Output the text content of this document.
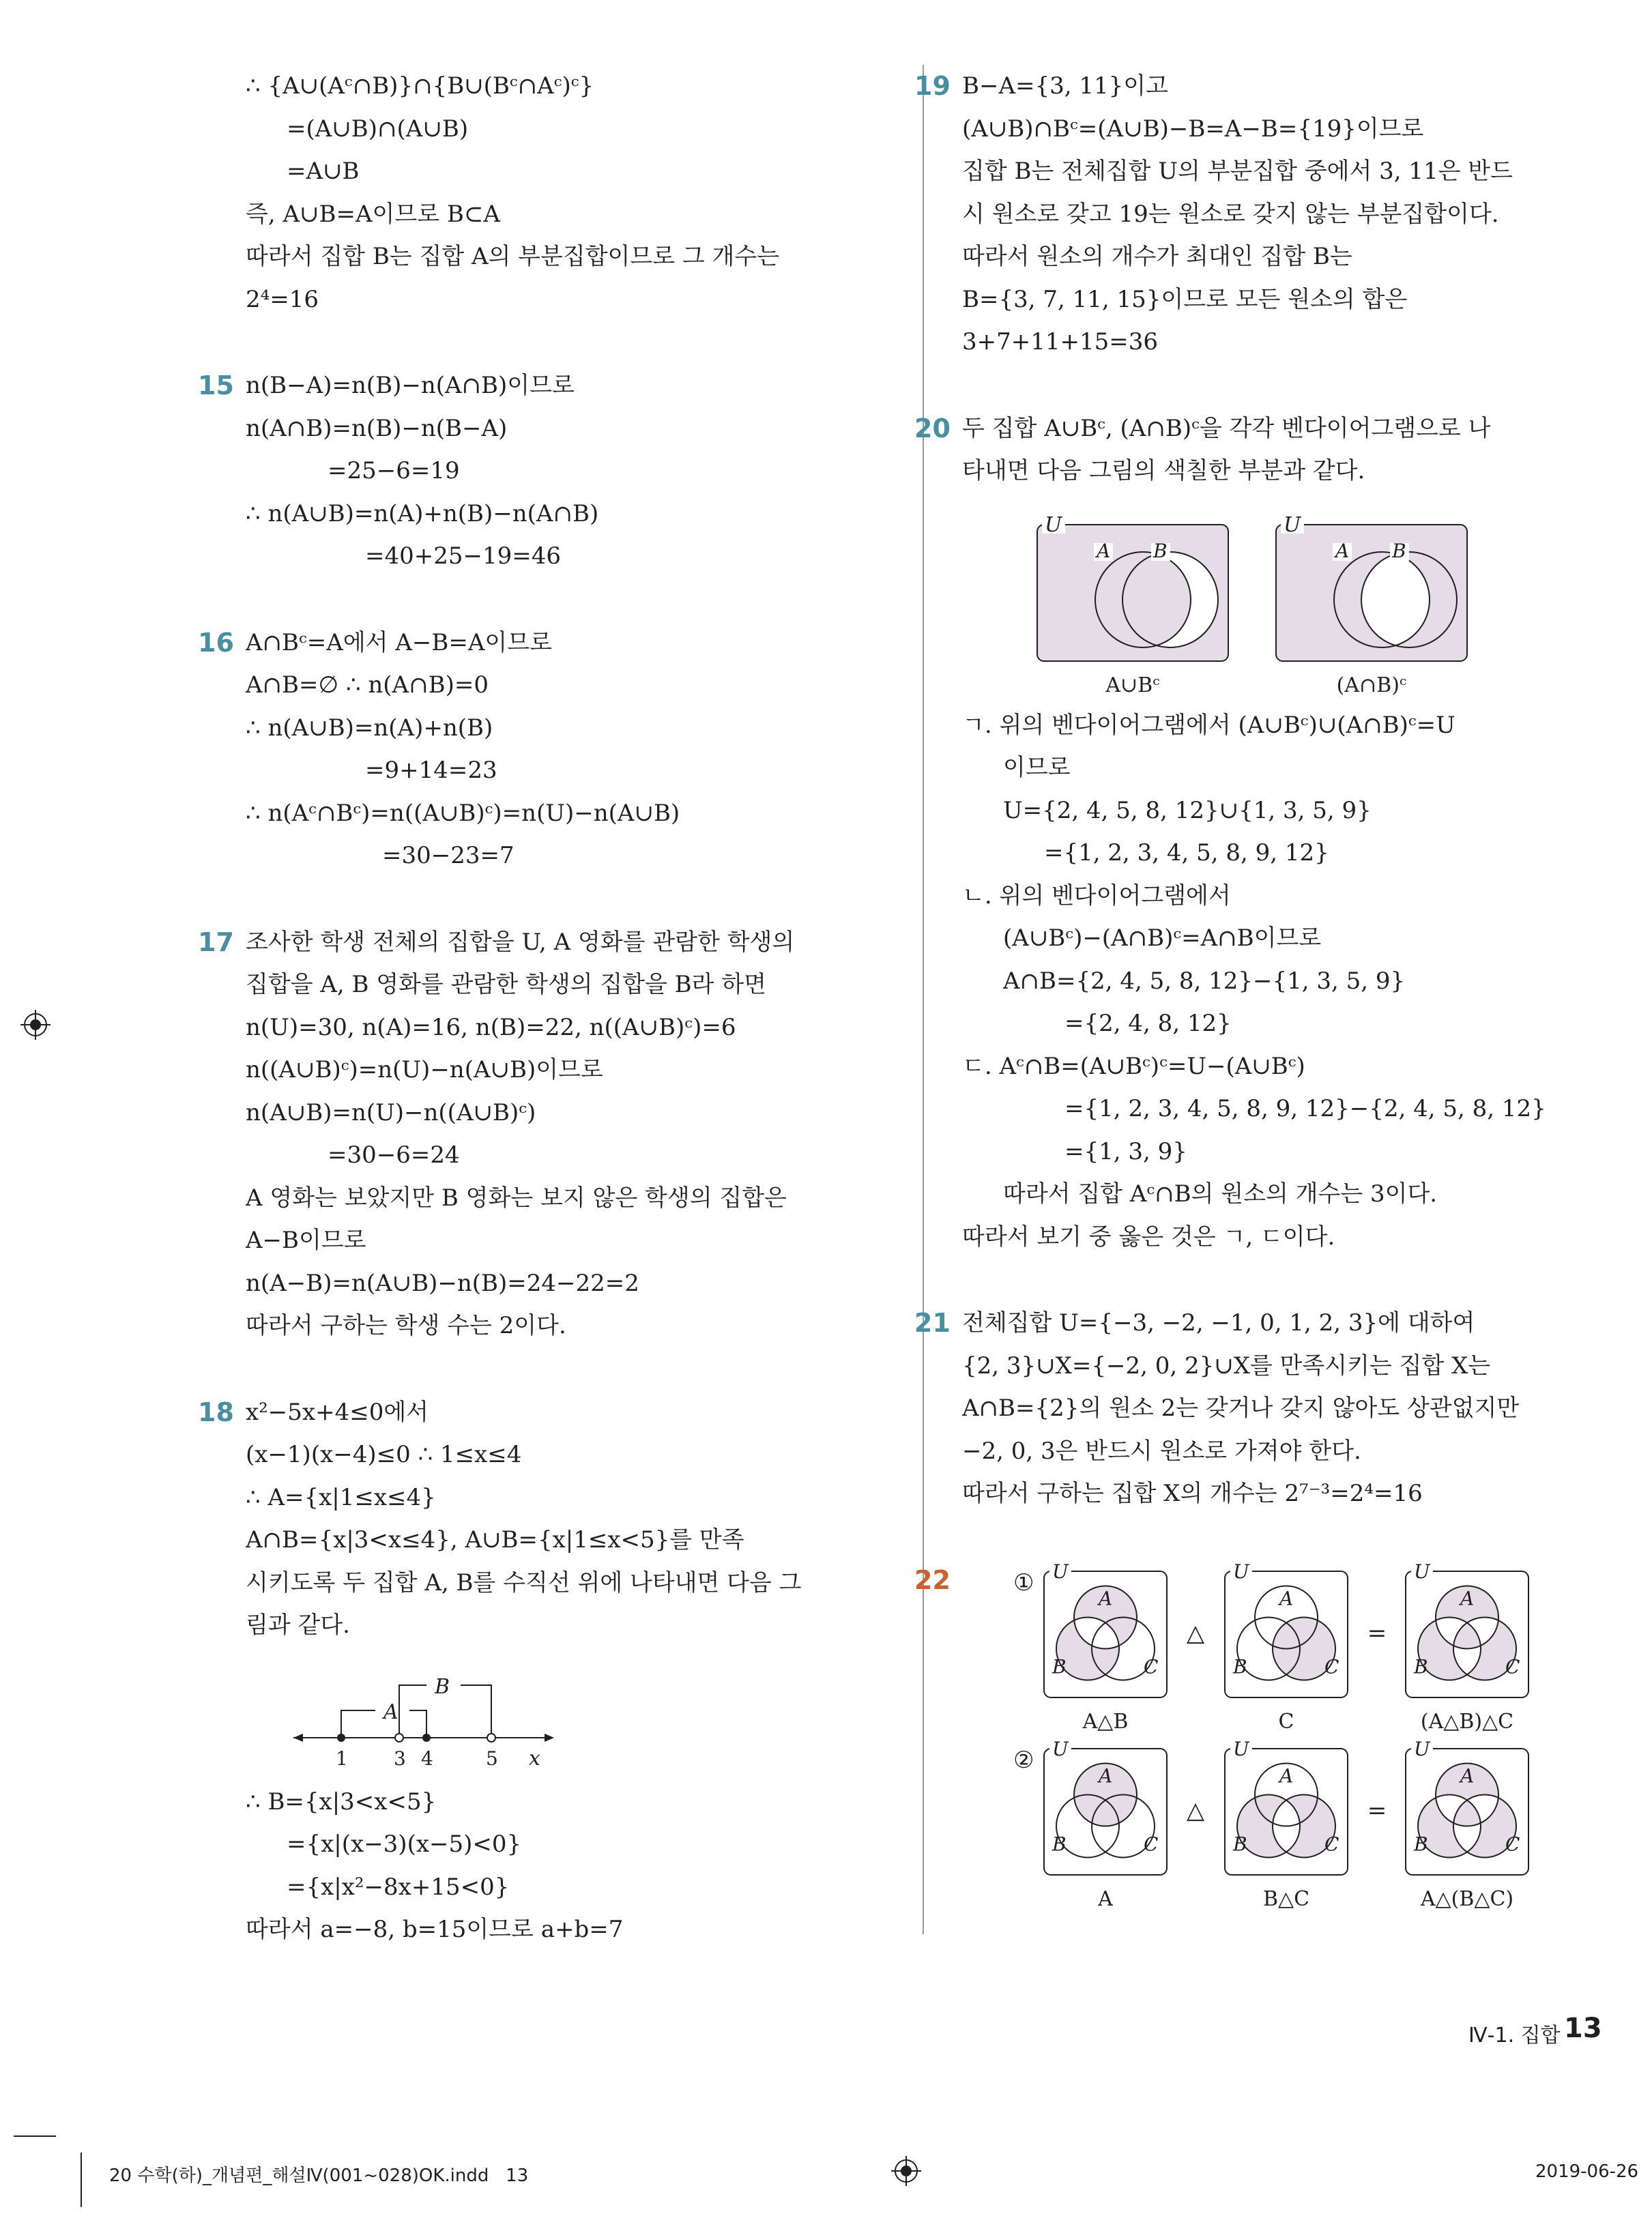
∴ {A∪(Aᶜ∩B)}∩{B∪(Bᶜ∩Aᶜ)ᶜ}
=(A∪B)∩(A∪B)
=A∪B
즉, A∪B=A이므로 B⊂A
따라서 집합 B는 집합 A의 부분집합이므로 그 개수는
2⁴=16
15 n(B−A)=n(B)−n(A∩B)이므로
n(A∩B)=n(B)−n(B−A)
=25−6=19
∴ n(A∪B)=n(A)+n(B)−n(A∩B)
=40+25−19=46
16 A∩Bᶜ=A에서 A−B=A이므로
A∩B=∅ ∴ n(A∩B)=0
∴ n(A∪B)=n(A)+n(B)
=9+14=23
∴ n(Aᶜ∩Bᶜ)=n((A∪B)ᶜ)=n(U)−n(A∪B)
=30−23=7
17 조사한 학생 전체의 집합을 U, A 영화를 관람한 학생의
집합을 A, B 영화를 관람한 학생의 집합을 B라 하면
n(U)=30, n(A)=16, n(B)=22, n((A∪B)ᶜ)=6
n((A∪B)ᶜ)=n(U)−n(A∪B)이므로
n(A∪B)=n(U)−n((A∪B)ᶜ)
=30−6=24
A 영화는 보았지만 B 영화는 보지 않은 학생의 집합은
A−B이므로
n(A−B)=n(A∪B)−n(B)=24−22=2
따라서 구하는 학생 수는 2이다.
18 x²−5x+4≤0에서
(x−1)(x−4)≤0 ∴ 1≤x≤4
∴ A={x|1≤x≤4}
A∩B={x|3<x≤4}, A∪B={x|1≤x<5}를 만족
시키도록 두 집합 A, B를 수직선 위에 나타내면 다음 그
림과 같다.
A
B
1 3 4	5 x
∴ B={x|3<x<5}
={x|(x−3)(x−5)<0}
={x|x²−8x+15<0}
따라서 a=−8, b=15이므로 a+b=7
19 B−A={3, 11}이고
(A∪B)∩Bᶜ=(A∪B)−B=A−B={19}이므로
집합 B는 전체집합 U의 부분집합 중에서 3, 11은 반드
시 원소로 갖고 19는 원소로 갖지 않는 부분집합이다.
따라서 원소의 개수가 최대인 집합 B는
B={3, 7, 11, 15}이므로 모든 원소의 합은
3+7+11+15=36
20 두 집합 A∪Bᶜ, (A∩B)ᶜ을 각각 벤다이어그램으로 나
타내면 다음 그림의 색칠한 부분과 같다.
U
A B
A∪Bᶜ
U
A B
(A∩B)ᶜ
ㄱ. 위의 벤다이어그램에서 (A∪Bᶜ)∪(A∩B)ᶜ=U
이므로
U={2, 4, 5, 8, 12}∪{1, 3, 5, 9}
={1, 2, 3, 4, 5, 8, 9, 12}
ㄴ. 위의 벤다이어그램에서
(A∪Bᶜ)−(A∩B)ᶜ=A∩B이므로
A∩B={2, 4, 5, 8, 12}−{1, 3, 5, 9}
={2, 4, 8, 12}
ㄷ. Aᶜ∩B=(A∪Bᶜ)ᶜ=U−(A∪Bᶜ)
={1, 2, 3, 4, 5, 8, 9, 12}−{2, 4, 5, 8, 12}
={1, 3, 9}
따라서 집합 Aᶜ∩B의 원소의 개수는 3이다.
따라서 보기 중 옳은 것은 ㄱ, ㄷ이다.
21 전체집합 U={−3, −2, −1, 0, 1, 2, 3}에 대하여
{2, 3}∪X={−2, 0, 2}∪X를 만족시키는 집합 X는
A∩B={2}의 원소 2는 갖거나 갖지 않아도 상관없지만
−2, 0, 3은 반드시 원소로 가져야 한다.
따라서 구하는 집합 X의 개수는 2⁷⁻³=2⁴=16
22	① U
A
B	C
A△B
U
A
B	C
C
U
A
B	C
(A△B)△C
△	=
② U
A
B	C
A
U
A
B	C
B△C
U
A
B	C
A△(B△C)
△	=
Ⅳ-1. 집합 13
20 수학(하)_개념편_해설Ⅳ(001~028)OK.indd   13	2019-06-26
